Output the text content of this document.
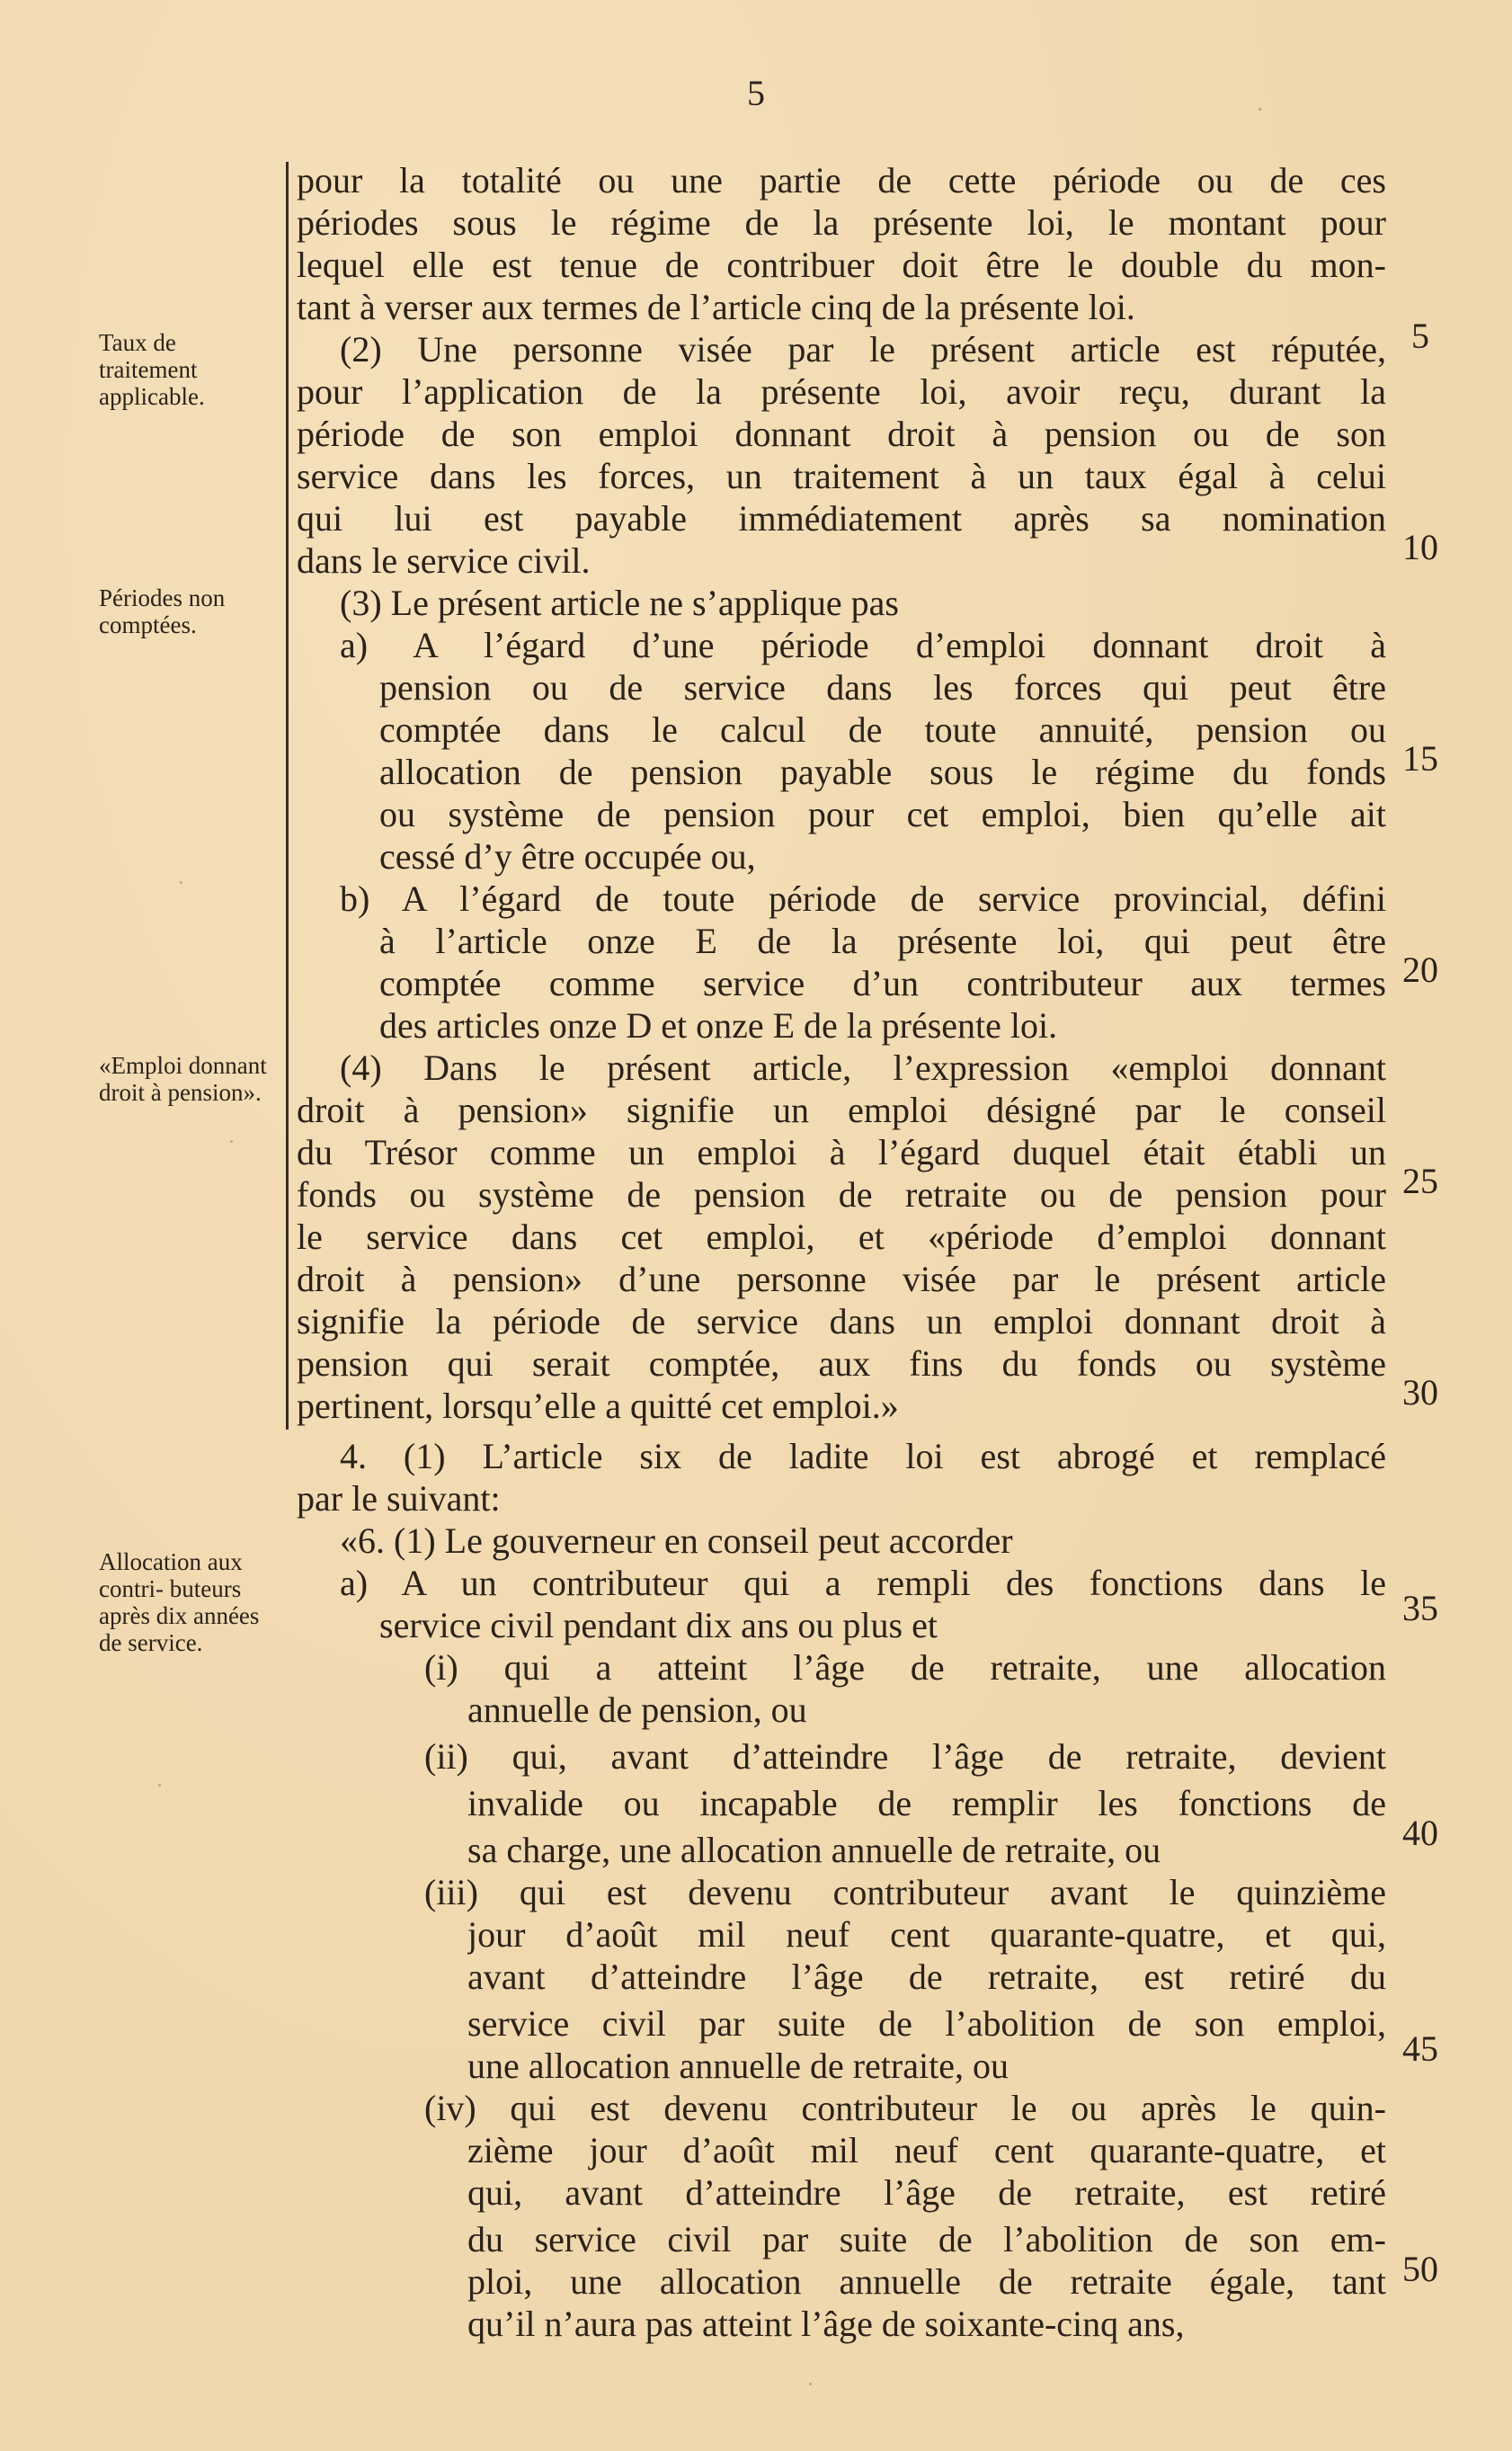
5
Taux de traitement applicable.
Périodes non comptées.
«Emploi donnant droit à pension».
Allocation aux contri- buteurs après dix années de service.
pour la totalité ou une partie de cette période ou de ces
périodes sous le régime de la présente loi, le montant pour
lequel elle est tenue de contribuer doit être le double du mon-
tant à verser aux termes de l’article cinq de la présente loi.
(2) Une personne visée par le présent article est réputée,
pour l’application de la présente loi, avoir reçu, durant la
période de son emploi donnant droit à pension ou de son
service dans les forces, un traitement à un taux égal à celui
qui lui est payable immédiatement après sa nomination
dans le service civil.
(3) Le présent article ne s’applique pas
a) A l’égard d’une période d’emploi donnant droit à
pension ou de service dans les forces qui peut être
comptée dans le calcul de toute annuité, pension ou
allocation de pension payable sous le régime du fonds
ou système de pension pour cet emploi, bien qu’elle ait
cessé d’y être occupée ou,
b) A l’égard de toute période de service provincial, défini
à l’article onze E de la présente loi, qui peut être
comptée comme service d’un contributeur aux termes
des articles onze D et onze E de la présente loi.
(4) Dans le présent article, l’expression «emploi donnant
droit à pension» signifie un emploi désigné par le conseil
du Trésor comme un emploi à l’égard duquel était établi un
fonds ou système de pension de retraite ou de pension pour
le service dans cet emploi, et «période d’emploi donnant
droit à pension» d’une personne visée par le présent article
signifie la période de service dans un emploi donnant droit à
pension qui serait comptée, aux fins du fonds ou système
pertinent, lorsqu’elle a quitté cet emploi.»
4. (1) L’article six de ladite loi est abrogé et remplacé
par le suivant:
«6. (1) Le gouverneur en conseil peut accorder
a) A un contributeur qui a rempli des fonctions dans le
service civil pendant dix ans ou plus et
(i) qui a atteint l’âge de retraite, une allocation
annuelle de pension, ou
(ii) qui, avant d’atteindre l’âge de retraite, devient
invalide ou incapable de remplir les fonctions de
sa charge, une allocation annuelle de retraite, ou
(iii) qui est devenu contributeur avant le quinzième
jour d’août mil neuf cent quarante-quatre, et qui,
avant d’atteindre l’âge de retraite, est retiré du
service civil par suite de l’abolition de son emploi,
une allocation annuelle de retraite, ou
(iv) qui est devenu contributeur le ou après le quin-
zième jour d’août mil neuf cent quarante-quatre, et
qui, avant d’atteindre l’âge de retraite, est retiré
du service civil par suite de l’abolition de son em-
ploi, une allocation annuelle de retraite égale, tant
qu’il n’aura pas atteint l’âge de soixante-cinq ans,
5
10
15
20
25
30
35
40
45
50
